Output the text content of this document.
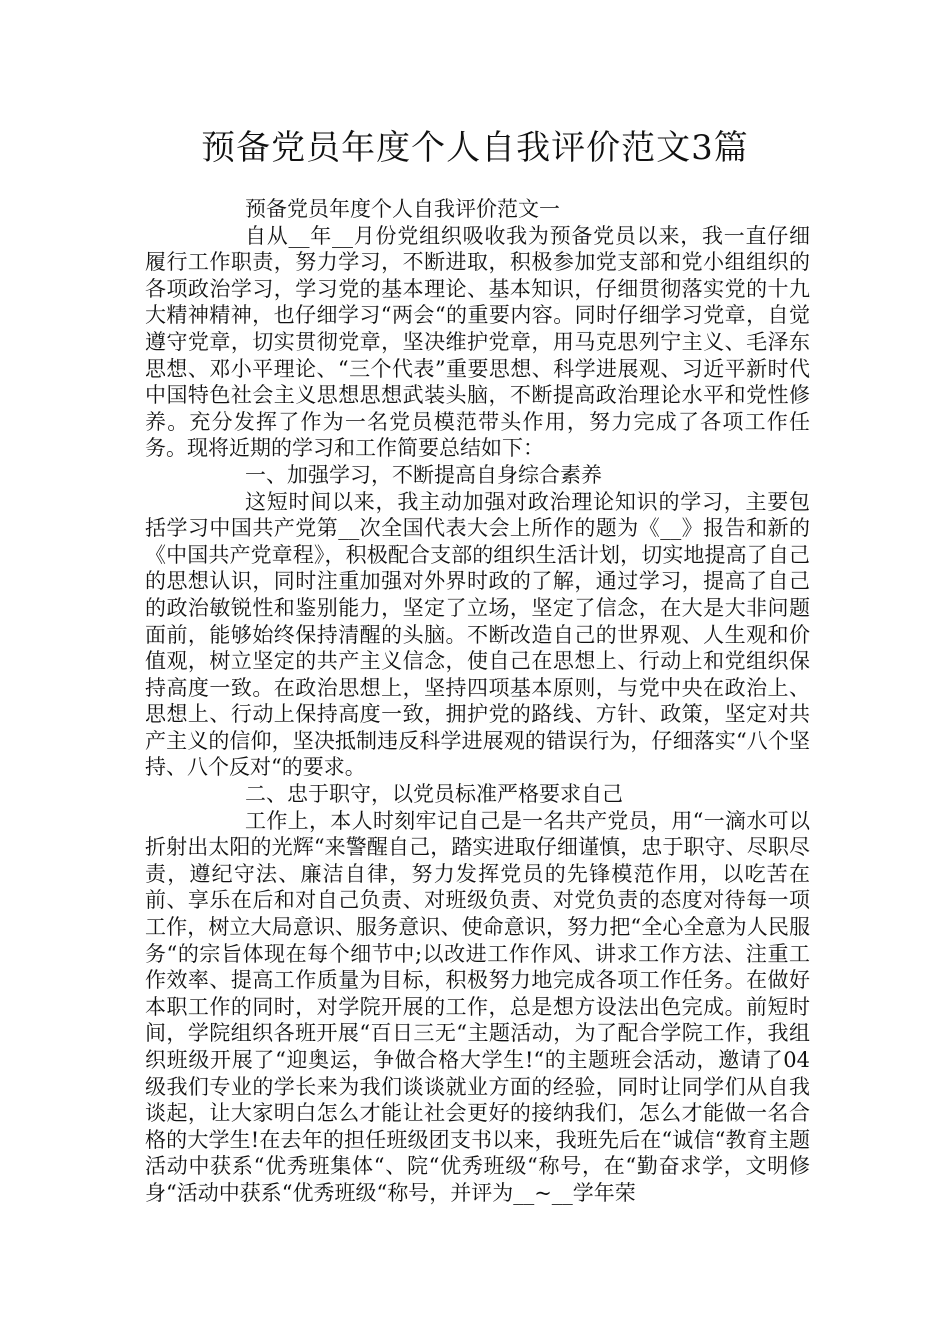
预备党员年度个人自我评价范文3篇

预备党员年度个人自我评价范文一

自从__年__月份党组织吸收我为预备党员以来，我一直仔细履行工作职责，努力学习，不断进取，积极参加党支部和党小组组织的各项政治学习，学习党的基本理论、基本知识，仔细贯彻落实党的十九大精神精神，也仔细学习“两会“的重要内容。同时仔细学习党章，自觉遵守党章，切实贯彻党章，坚决维护党章，用马克思列宁主义、毛泽东思想、邓小平理论、“三个代表”重要思想、科学进展观、习近平新时代中国特色社会主义思想思想武装头脑，不断提高政治理论水平和党性修养。充分发挥了作为一名党员模范带头作用，努力完成了各项工作任务。现将近期的学习和工作简要总结如下：

一、加强学习，不断提高自身综合素养

这短时间以来，我主动加强对政治理论知识的学习，主要包括学习中国共产党第__次全国代表大会上所作的题为《__》报告和新的《中国共产党章程》，积极配合支部的组织生活计划，切实地提高了自己的思想认识，同时注重加强对外界时政的了解，通过学习，提高了自己的政治敏锐性和鉴别能力，坚定了立场，坚定了信念，在大是大非问题面前，能够始终保持清醒的头脑。不断改造自己的世界观、人生观和价值观，树立坚定的共产主义信念，使自己在思想上、行动上和党组织保持高度一致。在政治思想上，坚持四项基本原则，与党中央在政治上、思想上、行动上保持高度一致，拥护党的路线、方针、政策，坚定对共产主义的信仰，坚决抵制违反科学进展观的错误行为，仔细落实“八个坚持、八个反对“的要求。

二、忠于职守，以党员标准严格要求自己

工作上，本人时刻牢记自己是一名共产党员，用“一滴水可以折射出太阳的光辉“来警醒自己，踏实进取仔细谨慎，忠于职守、尽职尽责，遵纪守法、廉洁自律，努力发挥党员的先锋模范作用，以吃苦在前、享乐在后和对自己负责、对班级负责、对党负责的态度对待每一项工作，树立大局意识、服务意识、使命意识，努力把“全心全意为人民服务“的宗旨体现在每个细节中;以改进工作作风、讲求工作方法、注重工作效率、提高工作质量为目标，积极努力地完成各项工作任务。在做好本职工作的同时，对学院开展的工作，总是想方设法出色完成。前短时间，学院组织各班开展“百日三无“主题活动，为了配合学院工作，我组织班级开展了“迎奥运，争做合格大学生!“的主题班会活动，邀请了04级我们专业的学长来为我们谈谈就业方面的经验，同时让同学们从自我谈起，让大家明白怎么才能让社会更好的接纳我们，怎么才能做一名合格的大学生!在去年的担任班级团支书以来，我班先后在“诚信“教育主题活动中获系“优秀班集体“、院“优秀班级“称号，在“勤奋求学，文明修身“活动中获系“优秀班级“称号，并评为__~__学年荣
